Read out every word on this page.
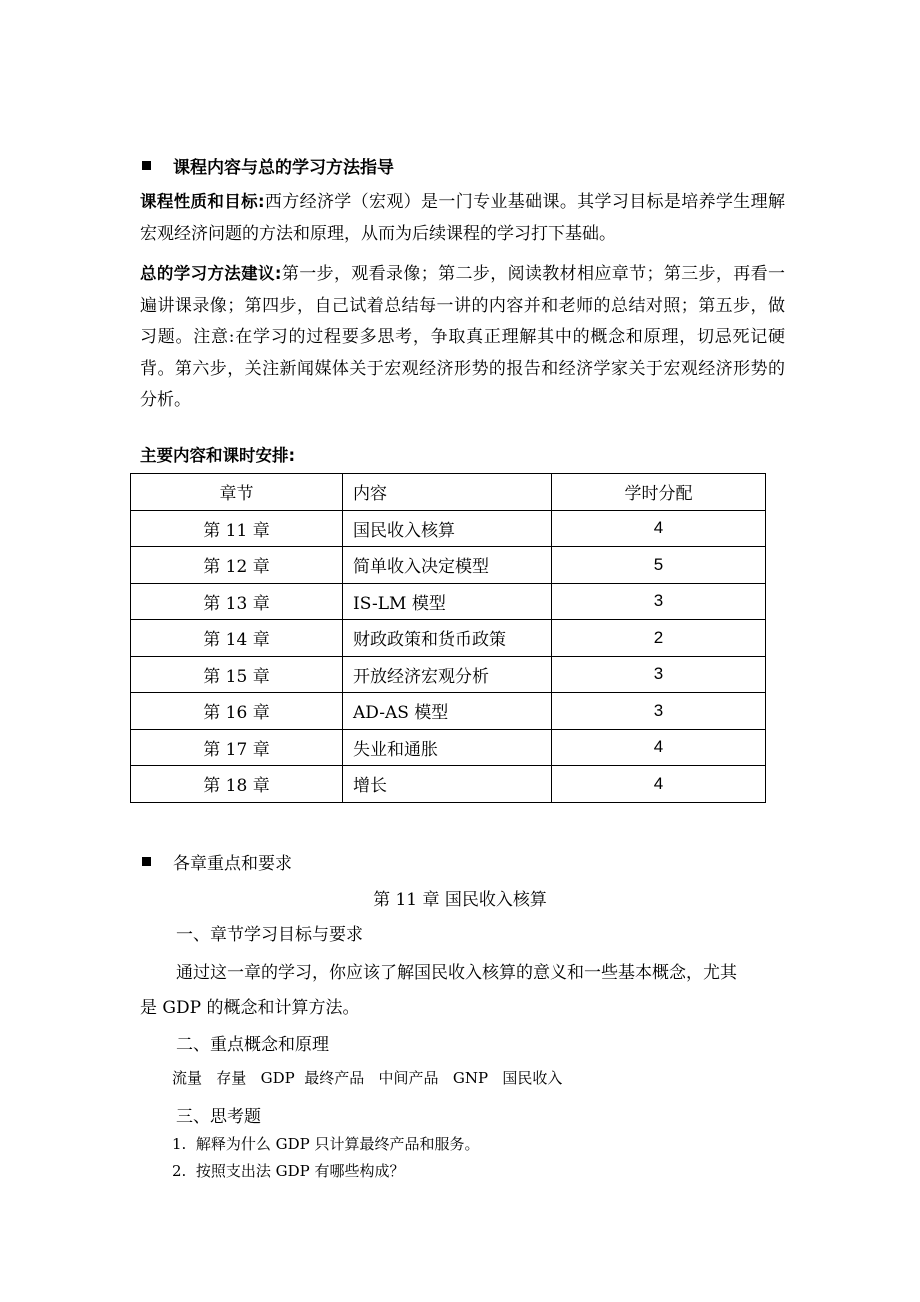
课程内容与总的学习方法指导
课程性质和目标:西方经济学（宏观）是一门专业基础课。其学习目标是培养学生理解宏观经济问题的方法和原理，从而为后续课程的学习打下基础。
总的学习方法建议:第一步，观看录像；第二步，阅读教材相应章节；第三步，再看一遍讲课录像；第四步，自己试着总结每一讲的内容并和老师的总结对照；第五步，做习题。注意:在学习的过程要多思考，争取真正理解其中的概念和原理，切忌死记硬背。第六步，关注新闻媒体关于宏观经济形势的报告和经济学家关于宏观经济形势的分析。
主要内容和课时安排:
章节	内容	学时分配
第 11 章	国民收入核算	4
第 12 章	简单收入决定模型	5
第 13 章	IS-LM 模型	3
第 14 章	财政政策和货币政策	2
第 15 章	开放经济宏观分析	3
第 16 章	AD-AS 模型	3
第 17 章	失业和通胀	4
第 18 章	增长	4
各章重点和要求
第 11 章 国民收入核算
一、章节学习目标与要求
通过这一章的学习，你应该了解国民收入核算的意义和一些基本概念，尤其
是 GDP 的概念和计算方法。
二、重点概念和原理
流量   存量   GDP  最终产品   中间产品   GNP   国民收入
三、思考题
1.  解释为什么 GDP 只计算最终产品和服务。
2.  按照支出法 GDP 有哪些构成？
